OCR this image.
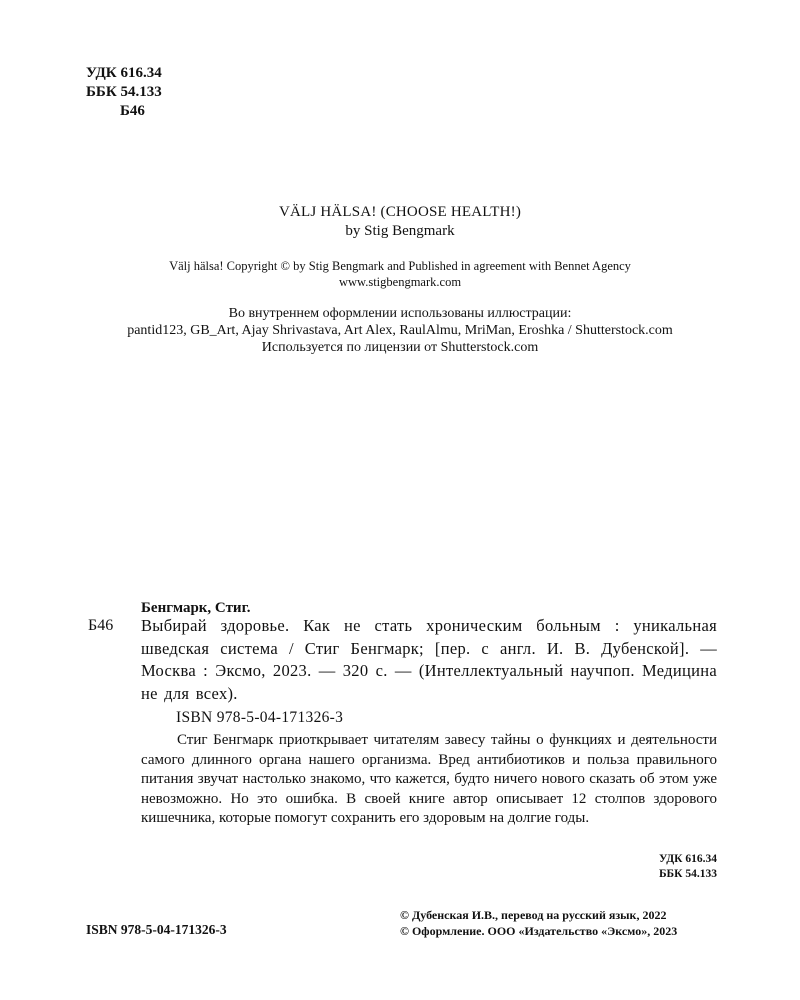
УДК 616.34
ББК 54.133
Б46
VÄLJ HÄLSA! (CHOOSE HEALTH!)
by Stig Bengmark
Välj hälsa! Copyright © by Stig Bengmark and Published in agreement with Bennet Agency
www.stigbengmark.com
Во внутреннем оформлении использованы иллюстрации:
pantid123, GB_Art, Ajay Shrivastava, Art Alex, RaulAlmu, MriMan, Eroshka / Shutterstock.com
Используется по лицензии от Shutterstock.com
Бенгмарк, Стиг.
Б46 Выбирай здоровье. Как не стать хроническим больным : уникальная шведская система / Стиг Бенгмарк; [пер. с англ. И. В. Дубенской]. — Москва : Эксмо, 2023. — 320 с. — (Интеллектуальный научпоп. Медицина не для всех).
ISBN 978-5-04-171326-3
Стиг Бенгмарк приоткрывает читателям завесу тайны о функциях и деятельности самого длинного органа нашего организма. Вред антибиотиков и польза правильного питания звучат настолько знакомо, что кажется, будто ничего нового сказать об этом уже невозможно. Но это ошибка. В своей книге автор описывает 12 столпов здорового кишечника, которые помогут сохранить его здоровым на долгие годы.
УДК 616.34
ББК 54.133
ISBN 978-5-04-171326-3
© Дубенская И.В., перевод на русский язык, 2022
© Оформление. ООО «Издательство «Эксмо», 2023
